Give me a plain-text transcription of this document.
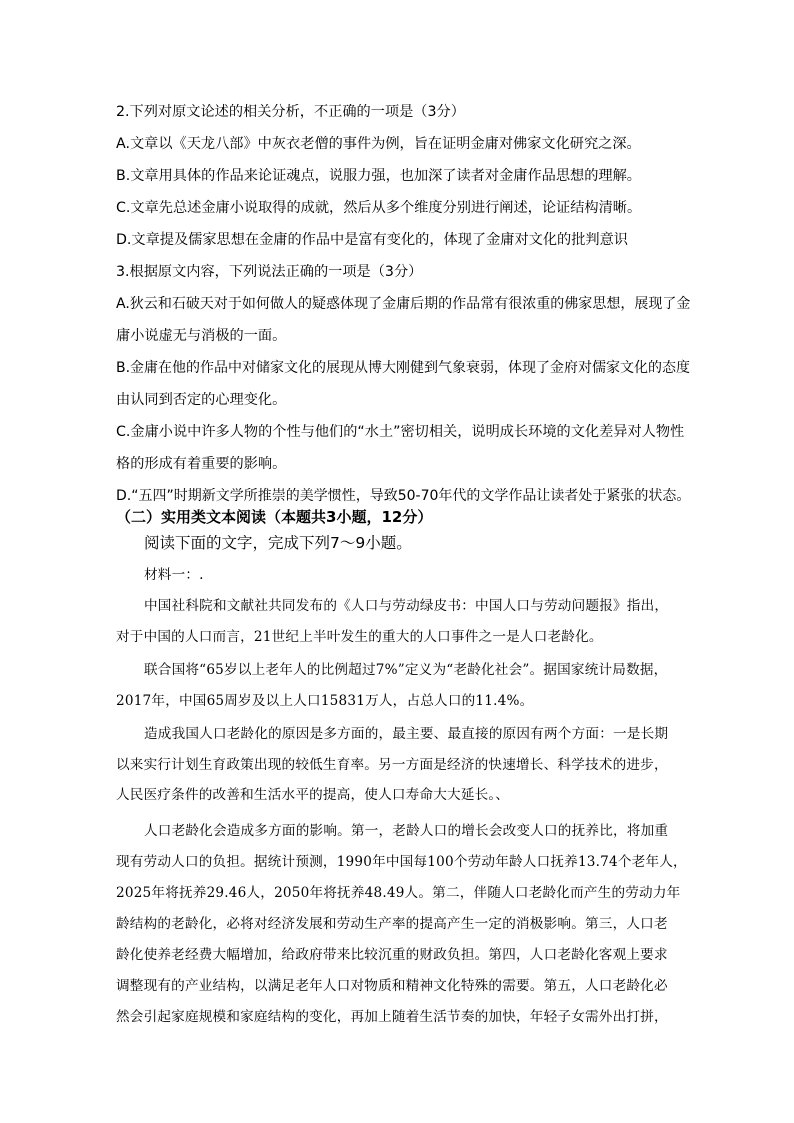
2.下列对原文论述的相关分析，不正确的一项是（3分）
A.文章以《天龙八部》中灰衣老僧的事件为例，旨在证明金庸对佛家文化研究之深。
B.文章用具体的作品来论证魂点，说服力强，也加深了读者对金庸作品思想的理解。
C.文章先总述金庸小说取得的成就，然后从多个维度分别进行阐述，论证结构清晰。
D.文章提及儒家思想在金庸的作品中是富有变化的，体现了金庸对文化的批判意识
3.根据原文内容，下列说法正确的一项是（3分）
A.狄云和石破天对于如何做人的疑惑体现了金庸后期的作品常有很浓重的佛家思想，展现了金
庸小说虚无与消极的一面。
B.金庸在他的作品中对储家文化的展现从博大刚健到气象衰弱，体现了金府对儒家文化的态度
由认同到否定的心理变化。
C.金庸小说中许多人物的个性与他们的“水土”密切相关，说明成长环境的文化差异对人物性
格的形成有着重要的影响。
D.“五四”时期新文学所推崇的美学惯性，导致50-70年代的文学作品让读者处于紧张的状态。
（二）实用类文本阅读（本题共3小题，12分）
阅读下面的文字，完成下列7～9小题。
材料一：.
中国社科院和文献社共同发布的《人口与劳动绿皮书：中国人口与劳动问题报》指出，
对于中国的人口而言，21世纪上半叶发生的重大的人口事件之一是人口老龄化。
联合国将“65岁以上老年人的比例超过7%”定义为“老龄化社会”。据国家统计局数据，
2017年，中国65周岁及以上人口15831万人，占总人口的11.4%。
造成我国人口老龄化的原因是多方面的，最主要、最直接的原因有两个方面：一是长期
以来实行计划生育政策出现的较低生育率。另一方面是经济的快速增长、科学技术的进步，
人民医疗条件的改善和生活水平的提高，使人口寿命大大延长。、
人口老龄化会造成多方面的影响。第一，老龄人口的增长会改变人口的抚养比，将加重
现有劳动人口的负担。据统计预测，1990年中国每100个劳动年龄人口抚养13.74个老年人，
2025年将抚养29.46人，2050年将抚养48.49人。第二，伴随人口老龄化而产生的劳动力年
龄结构的老龄化，必将对经济发展和劳动生产率的提高产生一定的消极影响。第三，人口老
龄化使养老经费大幅增加，给政府带来比较沉重的财政负担。第四，人口老龄化客观上要求
调整现有的产业结构，以满足老年人口对物质和精神文化特殊的需要。第五，人口老龄化必
然会引起家庭规模和家庭结构的变化，再加上随着生活节奏的加快，年轻子女需外出打拼，
